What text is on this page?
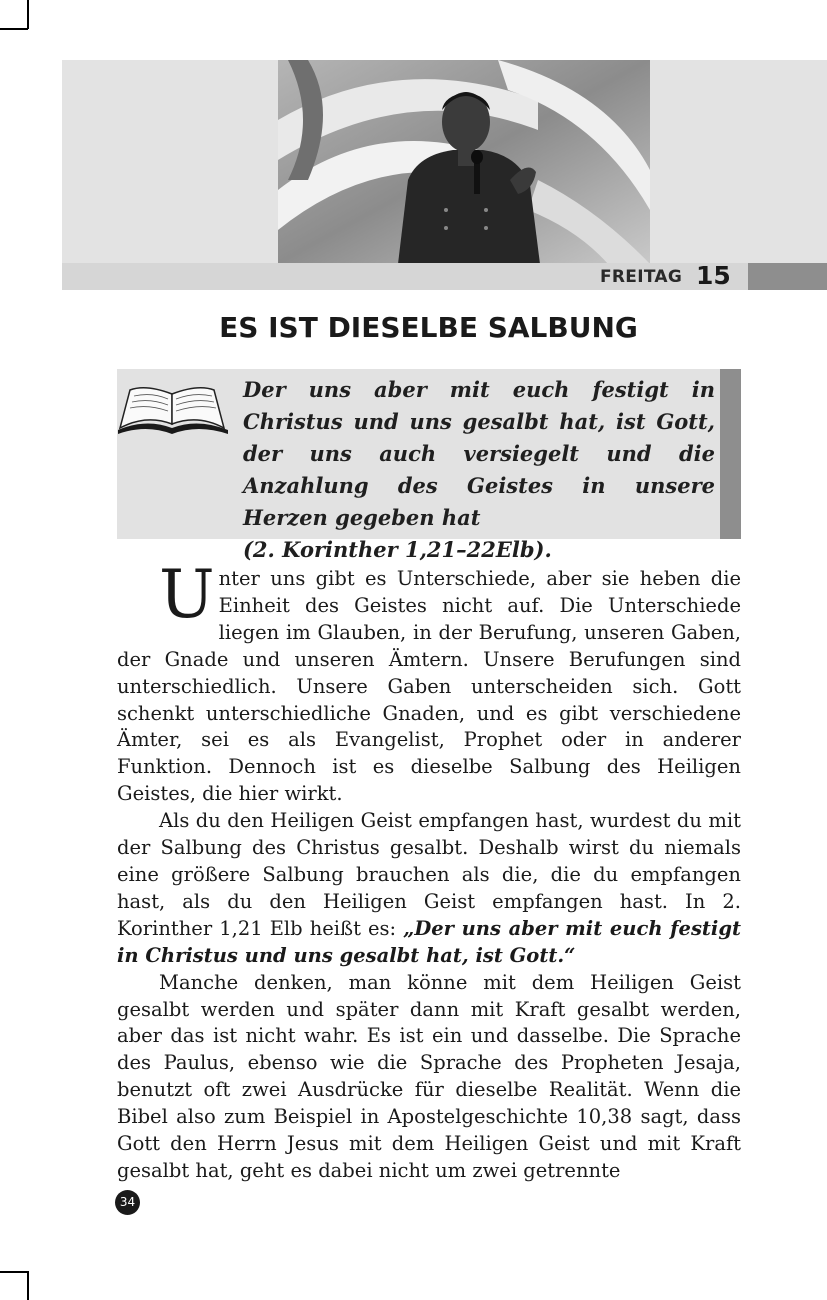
FREITAG 15
ES IST DIESELBE SALBUNG

Der uns aber mit euch festigt in Christus und uns gesalbt hat, ist Gott, der uns auch versiegelt und die Anzahlung des Geistes in unsere Herzen gegeben hat

(2. Korinther 1,21–22Elb).

Unter uns gibt es Unterschiede, aber sie heben die Einheit des Geistes nicht auf. Die Unterschiede liegen im Glauben, in der Berufung, unseren Gaben, der Gnade und unseren Ämtern. Unsere Berufungen sind unterschiedlich. Unsere Gaben unterscheiden sich. Gott schenkt unterschiedliche Gnaden, und es gibt verschiedene Ämter, sei es als Evangelist, Prophet oder in anderer Funktion. Dennoch ist es dieselbe Salbung des Heiligen Geistes, die hier wirkt.

Als du den Heiligen Geist empfangen hast, wurdest du mit der Salbung des Christus gesalbt. Deshalb wirst du niemals eine größere Salbung brauchen als die, die du empfangen hast, als du den Heiligen Geist empfangen hast. In 2. Korinther 1,21 Elb heißt es: „Der uns aber mit euch festigt in Christus und uns gesalbt hat, ist Gott.“

Manche denken, man könne mit dem Heiligen Geist gesalbt werden und später dann mit Kraft gesalbt werden, aber das ist nicht wahr. Es ist ein und dasselbe. Die Sprache des Paulus, ebenso wie die Sprache des Propheten Jesaja, benutzt oft zwei Ausdrücke für dieselbe Realität. Wenn die Bibel also zum Beispiel in Apostelgeschichte 10,38 sagt, dass Gott den Herrn Jesus mit dem Heiligen Geist und mit Kraft gesalbt hat, geht es dabei nicht um zwei getrennte

34
